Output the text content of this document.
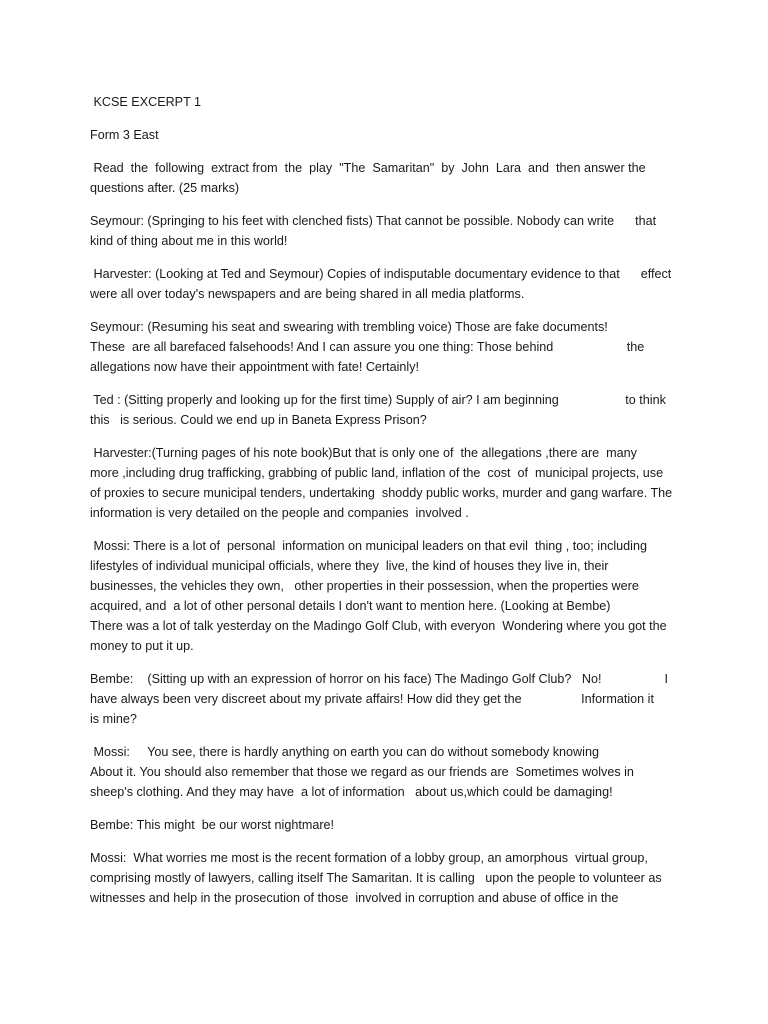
KCSE EXCERPT 1
Form 3 East
Read  the  following  extract from  the  play  "The  Samaritan"  by  John  Lara  and  then answer the
questions after. (25 marks)
Seymour: (Springing to his feet with clenched fists) That cannot be possible. Nobody can write      that
kind of thing about me in this world!
Harvester: (Looking at Ted and Seymour) Copies of indisputable documentary evidence to that      effect
were all over today's newspapers and are being shared in all media platforms.
Seymour: (Resuming his seat and swearing with trembling voice) Those are fake documents!
These  are all barefaced falsehoods! And I can assure you one thing: Those behind                     the
allegations now have their appointment with fate! Certainly!
Ted : (Sitting properly and looking up for the first time) Supply of air? I am beginning                   to think
this   is serious. Could we end up in Baneta Express Prison?
Harvester:(Turning pages of his note book)But that is only one of  the allegations ,there are  many
more ,including drug trafficking, grabbing of public land, inflation of the  cost  of  municipal projects, use
of proxies to secure municipal tenders, undertaking  shoddy public works, murder and gang warfare. The
information is very detailed on the people and companies  involved .
Mossi: There is a lot of  personal  information on municipal leaders on that evil  thing , too; including
lifestyles of individual municipal officials, where they  live, the kind of houses they live in, their
businesses, the vehicles they own,   other properties in their possession, when the properties were
acquired, and  a lot of other personal details I don't want to mention here. (Looking at Bembe)
There was a lot of talk yesterday on the Madingo Golf Club, with everyon  Wondering where you got the
money to put it up.
Bembe:    (Sitting up with an expression of horror on his face) The Madingo Golf Club?   No!                  I
have always been very discreet about my private affairs! How did they get the                 Information it
is mine?
Mossi:     You see, there is hardly anything on earth you can do without somebody knowing
About it. You should also remember that those we regard as our friends are  Sometimes wolves in
sheep's clothing. And they may have  a lot of information   about us,which could be damaging!
Bembe: This might  be our worst nightmare!
Mossi:  What worries me most is the recent formation of a lobby group, an amorphous  virtual group,
comprising mostly of lawyers, calling itself The Samaritan. It is calling   upon the people to volunteer as
witnesses and help in the prosecution of those  involved in corruption and abuse of office in the
